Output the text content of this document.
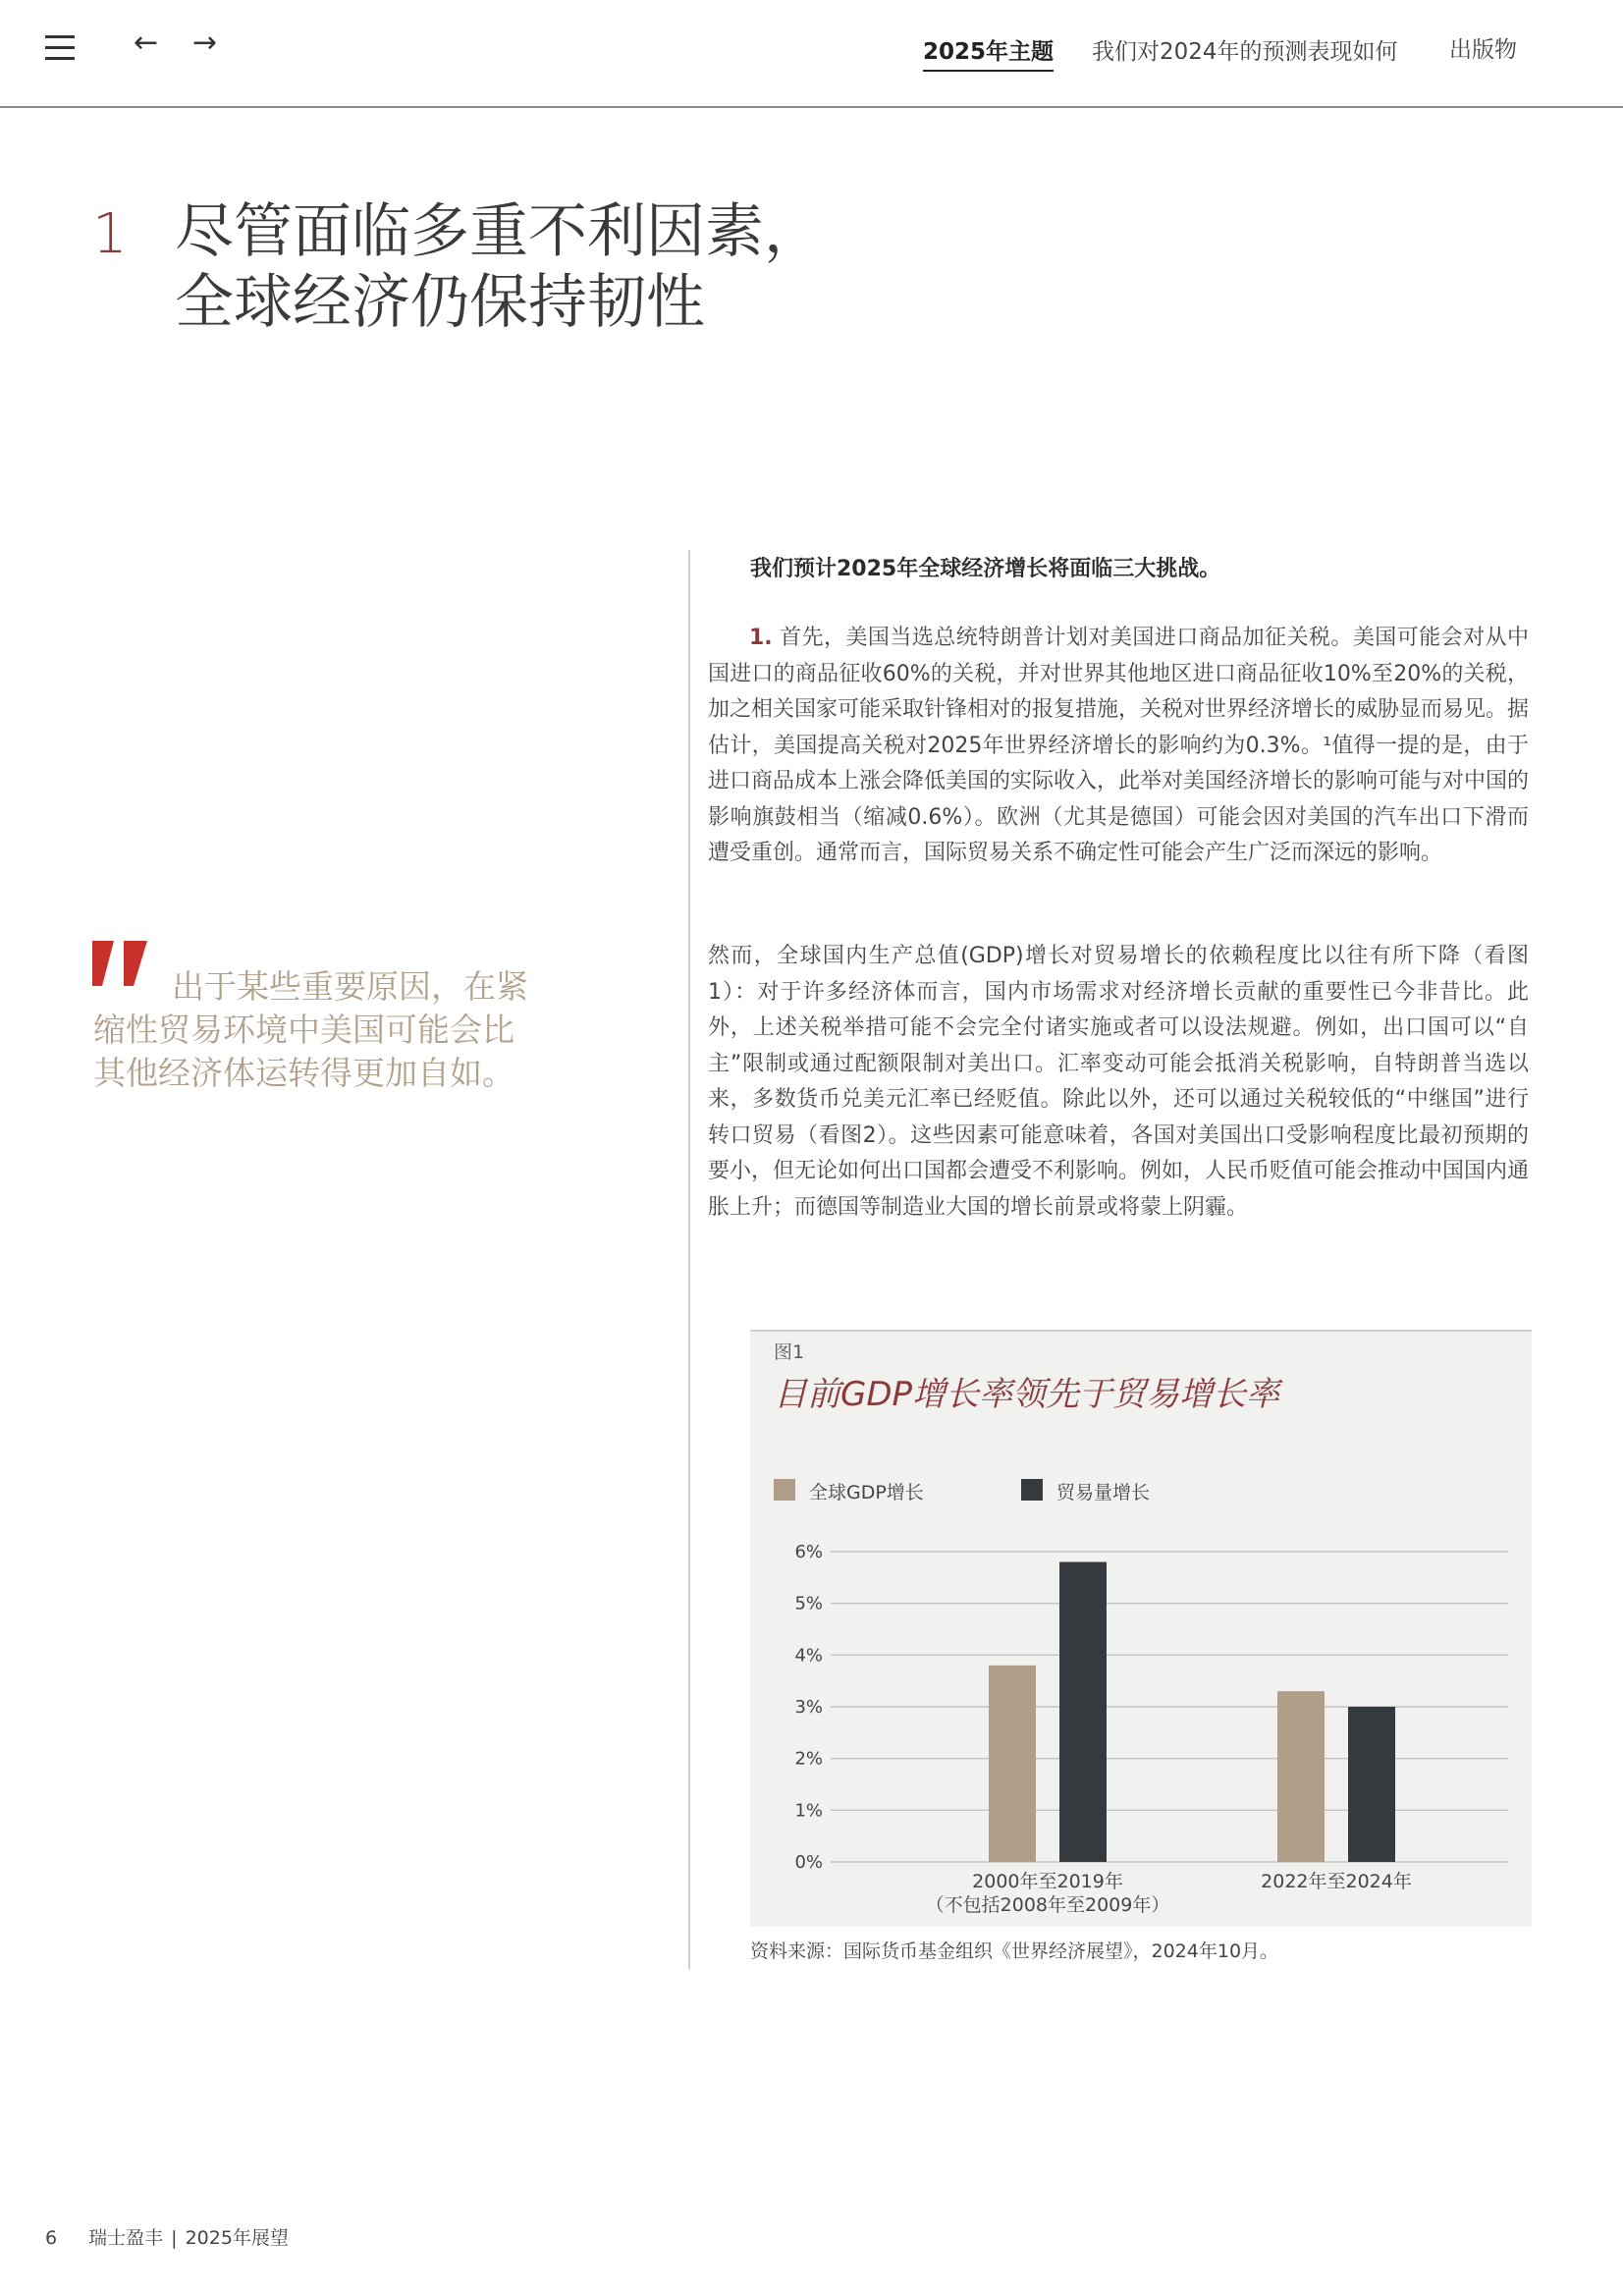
← →	2025年主题 我们对2024年的预测表现如何 出版物
1 尽管面临多重不利因素，
全球经济仍保持韧性
出于某些重要原因，在紧缩性贸易环境中美国可能会比其他经济体运转得更加自如。
我们预计2025年全球经济增长将面临三大挑战。
1. 首先，美国当选总统特朗普计划对美国进口商品加征关税。美国可能会对从中国进口的商品征收60%的关税，并对世界其他地区进口商品征收10%至20%的关税，加之相关国家可能采取针锋相对的报复措施，关税对世界经济增长的威胁显而易见。据估计，美国提高关税对2025年世界经济增长的影响约为0.3%。¹值得一提的是，由于进口商品成本上涨会降低美国的实际收入，此举对美国经济增长的影响可能与对中国的影响旗鼓相当（缩减0.6%）。欧洲（尤其是德国）可能会因对美国的汽车出口下滑而遭受重创。通常而言，国际贸易关系不确定性可能会产生广泛而深远的影响。
然而，全球国内生产总值(GDP)增长对贸易增长的依赖程度比以往有所下降（看图1）：对于许多经济体而言，国内市场需求对经济增长贡献的重要性已今非昔比。此外，上述关税举措可能不会完全付诸实施或者可以设法规避。例如，出口国可以“自主”限制或通过配额限制对美出口。汇率变动可能会抵消关税影响，自特朗普当选以来，多数货币兑美元汇率已经贬值。除此以外，还可以通过关税较低的“中继国”进行转口贸易（看图2）。这些因素可能意味着，各国对美国出口受影响程度比最初预期的要小，但无论如何出口国都会遭受不利影响。例如，人民币贬值可能会推动中国国内通胀上升；而德国等制造业大国的增长前景或将蒙上阴霾。
图1
目前GDP增长率领先于贸易增长率
全球GDP增长	贸易量增长
0%
1%
2%
3%
4%
5%
6%
2000年至2019年
（不包括2008年至2009年）
2022年至2024年
资料来源：国际货币基金组织《世界经济展望》，2024年10月。
6 瑞士盈丰 | 2025年展望
